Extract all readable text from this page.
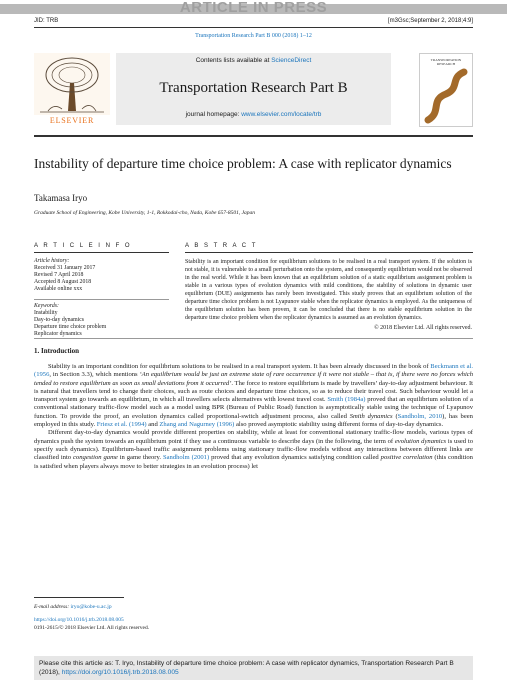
ARTICLE IN PRESS
JID: TRB	[m3Gsc;September 2, 2018;4:9]
Transportation Research Part B 000 (2018) 1–12
ELSEVIER
Contents lists available at ScienceDirect
Transportation Research Part B
journal homepage: www.elsevier.com/locate/trb
TRANSPORTATION RESEARCH
Instability of departure time choice problem: A case with replicator dynamics
Takamasa Iryo
Graduate School of Engineering, Kobe University, 1-1, Rokkodai-cho, Nada, Kobe 657-8501, Japan
A R T I C L E I N F O	A B S T R A C T
Article history:
Received 31 January 2017
Revised 7 April 2018
Accepted 8 August 2018
Available online xxx
Keywords:
Instability
Day-to-day dynamics
Departure time choice problem
Replicator dynamics
Stability is an important condition for equilibrium solutions to be realised in a real transport system. If the solution is not stable, it is vulnerable to a small perturbation onto the system, and consequently equilibrium would not be observed in the real world. While it has been known that an equilibrium solution of a static equilibrium assignment problem is stable in a various types of evolution dynamics with mild conditions, the stability of solutions in dynamic user equilibrium (DUE) assignments has rarely been investigated. This study proves that an equilibrium solution of the departure time choice problem is not Lyapunov stable when the replicator dynamics is employed. As the uniqueness of the equilibrium solution has been proven, it can be concluded that there is no stable equilibrium solution in the departure time choice problem when the replicator dynamics is assumed as an evolution dynamics.
© 2018 Elsevier Ltd. All rights reserved.
1. Introduction

Stability is an important condition for equilibrium solutions to be realised in a real transport system. It has been already discussed in the book of Beckmann et al. (1956, in Section 3.3), which mentions ‘An equilibrium would be just an extreme state of rare occurrence if it were not stable – that is, if there were no forces which tended to restore equilibrium as soon as small deviations from it occurred’. The force to restore equilibrium is made by travellers’ day-to-day adjustment behaviour. It is natural that travellers tend to change their choices, such as route choices and departure time choices, so as to reduce their travel cost. Such behaviour would let a transport system go towards an equilibrium, in which all travellers selects alternatives with lowest travel cost. Smith (1984a) proved that an equilibrium solution of a conventional stationary traffic-flow model such as a model using BPR (Bureau of Public Road) function is asymptotically stable using the technique of Lyapunov function. To provide the proof, an evolution dynamics called proportional-switch adjustment process, also called Smith dynamics (Sandholm, 2010), has been employed in this study. Friesz et al. (1994) and Zhang and Nagurney (1996) also proved asymptotic stability using different forms of day-to-day dynamics.

Different day-to-day dynamics would provide different properties on stability, while at least for conventional stationary traffic-flow models, various types of dynamics push the system towards an equilibrium point if they use a continuous variable to describe days (in the following, the term of evolution dynamics is used to specify such dynamics). Equilibrium-based traffic assignment problems using stationary traffic-flow models without any interactions between different links are classified into congestion game in game theory. Sandholm (2001) proved that any evolution dynamics satisfying condition called positive correlation (this condition is satisfied when players always move to better strategies in an evolution process) let

E-mail address: iryo@kobe-u.ac.jp
https://doi.org/10.1016/j.trb.2018.08.005
0191-2615/© 2018 Elsevier Ltd. All rights reserved.
Please cite this article as: T. Iryo, Instability of departure time choice problem: A case with replicator dynamics, Transportation Research Part B (2018), https://doi.org/10.1016/j.trb.2018.08.005
